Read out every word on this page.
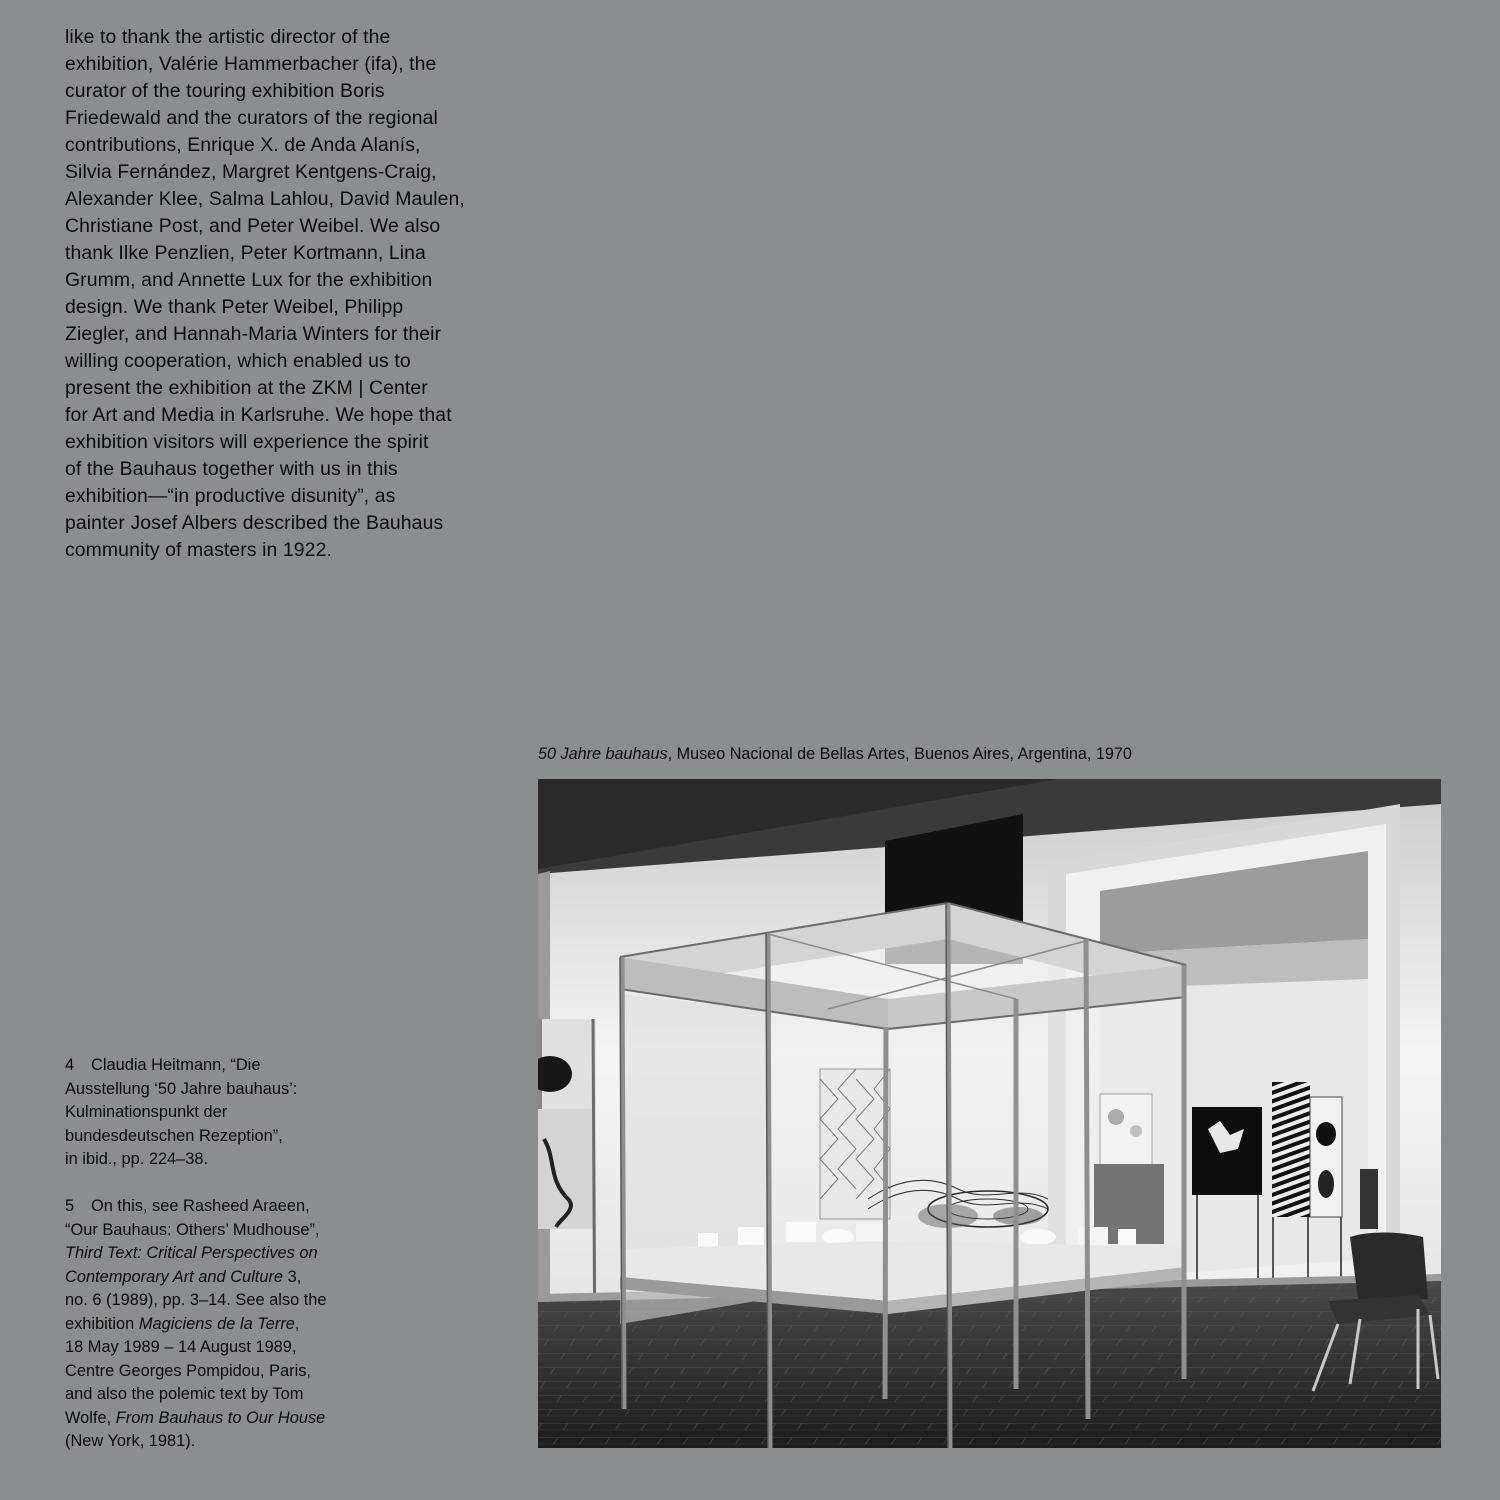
like to thank the artistic director of the
exhibition, Valérie Hammerbacher (ifa), the
curator of the touring exhibition Boris
Friedewald and the curators of the regional
contributions, Enrique X. de Anda Alanís,
Silvia Fernández, Margret Kentgens-Craig,
Alexander Klee, Salma Lahlou, David Maulen,
Christiane Post, and Peter Weibel. We also
thank Ilke Penzlien, Peter Kortmann, Lina
Grumm, and Annette Lux for the exhibition
design. We thank Peter Weibel, Philipp
Ziegler, and Hannah-Maria Winters for their
willing cooperation, which enabled us to
present the exhibition at the ZKM | Center
for Art and Media in Karlsruhe. We hope that
exhibition visitors will experience the spirit
of the Bauhaus together with us in this
exhibition—“in productive disunity”, as
painter Josef Albers described the Bauhaus
community of masters in 1922.
50 Jahre bauhaus, Museo Nacional de Bellas Artes, Buenos Aires, Argentina, 1970
4 Claudia Heitmann, “Die
Ausstellung ‘50 Jahre bauhaus’:
Kulminationspunkt der
bundesdeutschen Rezeption”,
in ibid., pp. 224–38.
5 On this, see Rasheed Araeen,
“Our Bauhaus: Others’ Mudhouse”,
Third Text: Critical Perspectives on
Contemporary Art and Culture 3,
no. 6 (1989), pp. 3–14. See also the
exhibition Magiciens de la Terre,
18 May 1989 – 14 August 1989,
Centre Georges Pompidou, Paris,
and also the polemic text by Tom
Wolfe, From Bauhaus to Our House
(New York, 1981).
